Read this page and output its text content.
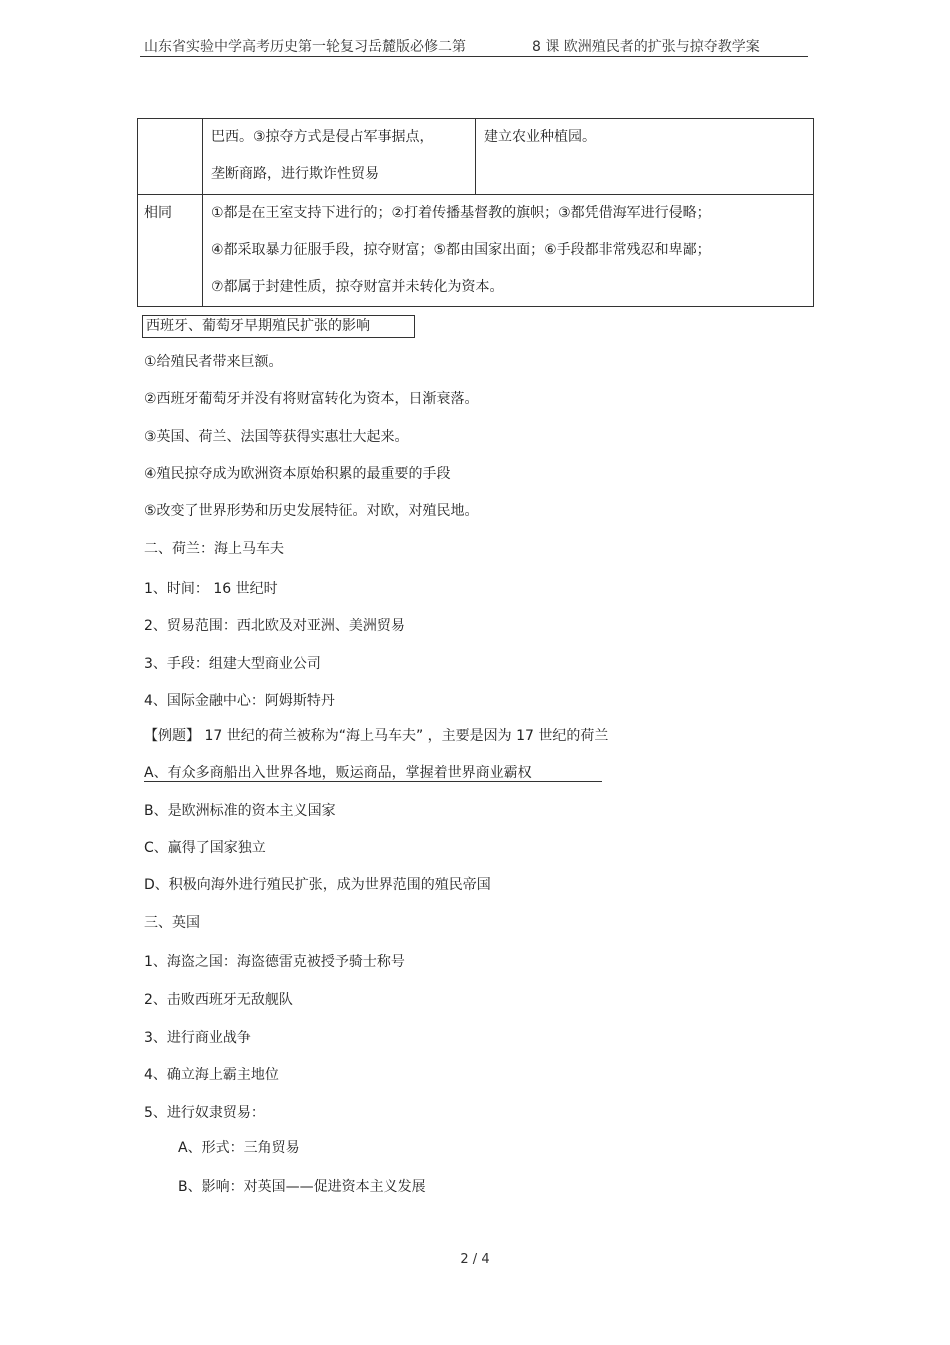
山东省实验中学高考历史第一轮复习岳麓版必修二第	8 课 欧洲殖民者的扩张与掠夺教学案

	巴西。③掠夺方式是侵占军事据点，
垄断商路，进行欺诈性贸易	建立农业种植园。

相同	①都是在王室支持下进行的；②打着传播基督教的旗帜；③都凭借海军进行侵略；
④都采取暴力征服手段，掠夺财富；⑤都由国家出面；⑥手段都非常残忍和卑鄙；
⑦都属于封建性质，掠夺财富并未转化为资本。	
西班牙、葡萄牙早期殖民扩张的影响
①给殖民者带来巨额。
②西班牙葡萄牙并没有将财富转化为资本，日渐衰落。
③英国、荷兰、法国等获得实惠壮大起来。
④殖民掠夺成为欧洲资本原始积累的最重要的手段
⑤改变了世界形势和历史发展特征。对欧，对殖民地。
二、荷兰：海上马车夫
1、时间： 16 世纪时
2、贸易范围：西北欧及对亚洲、美洲贸易
3、手段：组建大型商业公司
4、国际金融中心：阿姆斯特丹
【例题】 17 世纪的荷兰被称为“海上马车夫” ，主要是因为 17 世纪的荷兰
A、有众多商船出入世界各地，贩运商品，掌握着世界商业霸权
B、是欧洲标准的资本主义国家
C、赢得了国家独立
D、积极向海外进行殖民扩张，成为世界范围的殖民帝国
三、英国
1、海盗之国：海盗德雷克被授予骑士称号
2、击败西班牙无敌舰队
3、进行商业战争
4、确立海上霸主地位
5、进行奴隶贸易：
A、形式：三角贸易
B、影响：对英国——促进资本主义发展
2 / 4
